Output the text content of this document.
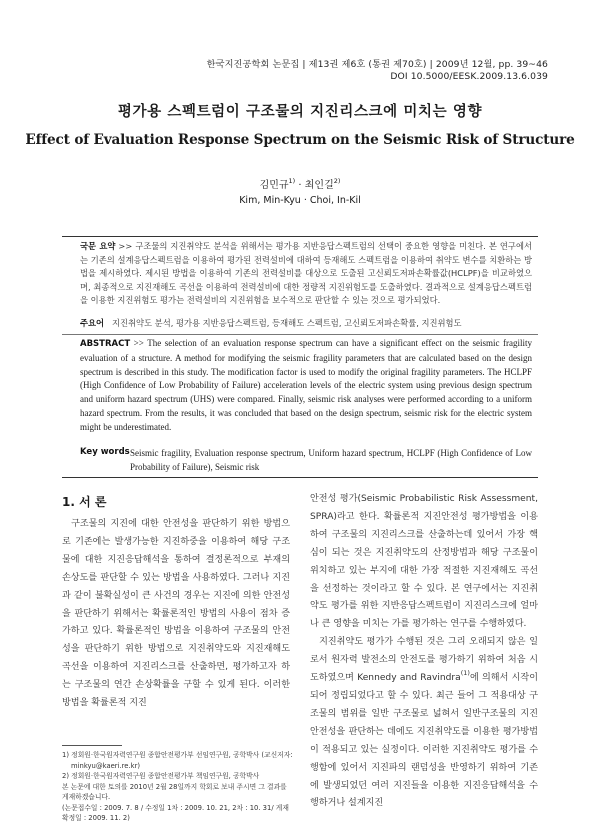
한국지진공학회 논문집 | 제13권 제6호 (통권 제70호) | 2009년 12월, pp. 39~46
DOI 10.5000/EESK.2009.13.6.039
평가용 스펙트럼이 구조물의 지진리스크에 미치는 영향
Effect of Evaluation Response Spectrum on the Seismic Risk of Structure
김민규$^{1)}$ · 최인길$^{2)}$
Kim, Min-Kyu · Choi, In-Kil
국문 요약 >> 구조물의 지진취약도 분석을 위해서는 평가용 지반응답스펙트럼의 선택이 중요한 영향을 미친다. 본 연구에서는 기존의 설계응답스펙트럼을 이용하여 평가된 전력설비에 대하여 등재해도 스펙트럼을 이용하여 취약도 변수를 치환하는 방법을 제시하였다. 제시된 방법을 이용하여 기존의 전력설비를 대상으로 도출된 고신뢰도저파손확률값(HCLPF)을 비교하였으며, 최종적으로 지진재해도 곡선을 이용하여 전력설비에 대한 정량적 지진위험도를 도출하였다. 결과적으로 설계응답스펙트럼을 이용한 지진위험도 평가는 전력설비의 지진위험을 보수적으로 판단할 수 있는 것으로 평가되었다.
주요어 지진취약도 분석, 평가용 지반응답스펙트럼, 등재해도 스펙트럼, 고신뢰도저파손확률, 지진위험도
ABSTRACT >> The selection of an evaluation response spectrum can have a significant effect on the seismic fragility evaluation of a structure. A method for modifying the seismic fragility parameters that are calculated based on the design spectrum is described in this study. The modification factor is used to modify the original fragility parameters. The HCLPF (High Confidence of Low Probability of Failure) acceleration levels of the electric system using previous design spectrum and uniform hazard spectrum (UHS) were compared. Finally, seismic risk analyses were performed according to a uniform hazard spectrum. From the results, it was concluded that based on the design spectrum, seismic risk for the electric system might be underestimated.
Key words Seismic fragility, Evaluation response spectrum, Uniform hazard spectrum, HCLPF (High Confidence of Low Probability of Failure), Seismic risk
1. 서 론

구조물의 지진에 대한 안전성을 판단하기 위한 방법으로 기존에는 발생가능한 지진하중을 이용하여 해당 구조물에 대한 지진응답해석을 통하여 결정론적으로 부재의 손상도를 판단할 수 있는 방법을 사용하였다. 그러나 지진과 같이 불확실성이 큰 사건의 경우는 지진에 의한 안전성을 판단하기 위해서는 확률론적인 방법의 사용이 점차 증가하고 있다. 확률론적인 방법을 이용하여 구조물의 안전성을 판단하기 위한 방법으로 지진취약도와 지진재해도 곡선을 이용하여 지진리스크를 산출하면, 평가하고자 하는 구조물의 연간 손상확률을 구할 수 있게 된다. 이러한 방법을 확률론적 지진

안전성 평가(Seismic Probabilistic Risk Assessment, SPRA)라고 한다. 확률론적 지진안전성 평가방법을 이용하여 구조물의 지진리스크를 산출하는데 있어서 가장 핵심이 되는 것은 지진취약도의 산정방법과 해당 구조물이 위치하고 있는 부지에 대한 가장 적절한 지진재해도 곡선을 선정하는 것이라고 할 수 있다. 본 연구에서는 지진취약도 평가를 위한 지반응답스펙트럼이 지진리스크에 얼마나 큰 영향을 미치는 가를 평가하는 연구를 수행하였다.

지진취약도 평가가 수행된 것은 그리 오래되지 않은 일로서 원자력 발전소의 안전도를 평가하기 위하여 처음 시도하였으며 Kennedy and Ravindra$^{(1)}$에 의해서 시작이 되어 정립되었다고 할 수 있다. 최근 들어 그 적용대상 구조물의 범위를 일반 구조물로 넓혀서 일반구조물의 지진안전성을 판단하는 데에도 지진취약도를 이용한 평가방법이 적용되고 있는 실정이다. 이러한 지진취약도 평가를 수행함에 있어서 지진파의 랜덤성을 반영하기 위하여 기존에 발생되었던 여러 지진들을 이용한 지진응답해석을 수행하거나 설계지진

1) 정회원·한국원자력연구원 종합안전평가부 선임연구원, 공학박사 (교신저자: minkyu@kaeri.re.kr)
2) 정회원·한국원자력연구원 종합안전평가부 책임연구원, 공학박사
본 논문에 대한 토의를 2010년 2월 28일까지 학회로 보내 주시면 그 결과를 게재하겠습니다.
(논문접수일 : 2009. 7. 8 / 수정일 1차 : 2009. 10. 21, 2차 : 10. 31/ 게재확정일 : 2009. 11. 2)
